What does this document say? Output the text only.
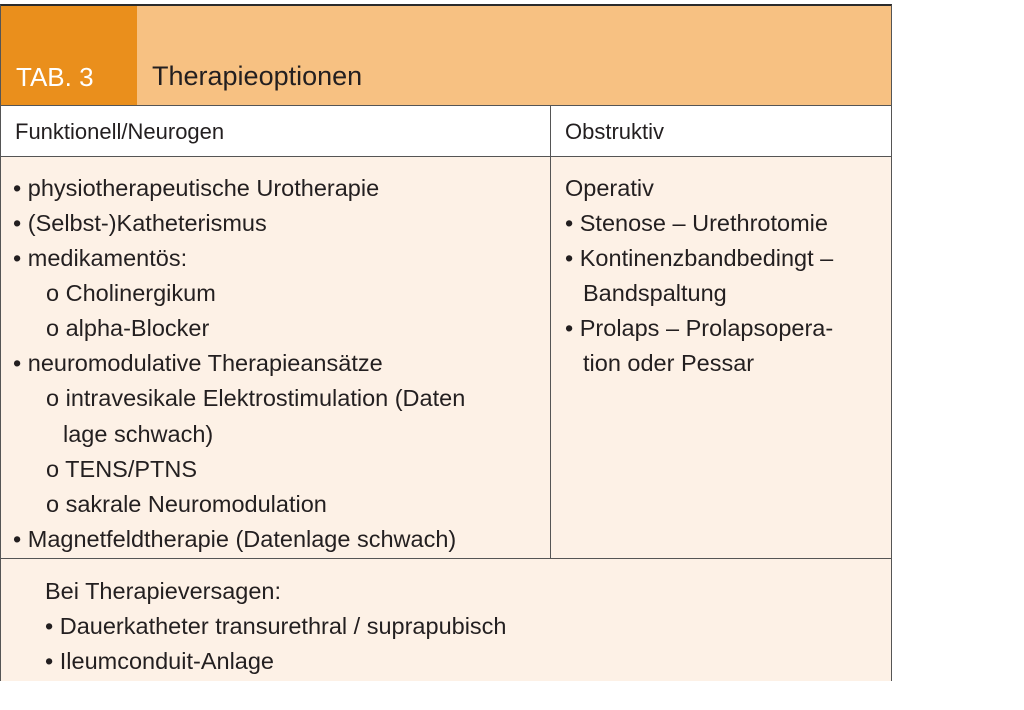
TAB. 3 Therapieoptionen
Funktionell/Neurogen	Obstruktiv
• physiotherapeutische Urotherapie
• (Selbst-)Katheterismus
• medikamentös:
o Cholinergikum
o alpha-Blocker
• neuromodulative Therapieansätze
o intravesikale Elektrostimulation (Daten
lage schwach)
o TENS/PTNS
o sakrale Neuromodulation
• Magnetfeldtherapie (Datenlage schwach)
Operativ
• Stenose – Urethrotomie
• Kontinenzbandbedingt –
Bandspaltung
• Prolaps – Prolapsopera-
tion oder Pessar
Bei Therapieversagen:
• Dauerkatheter transurethral / suprapubisch
• Ileumconduit-Anlage
